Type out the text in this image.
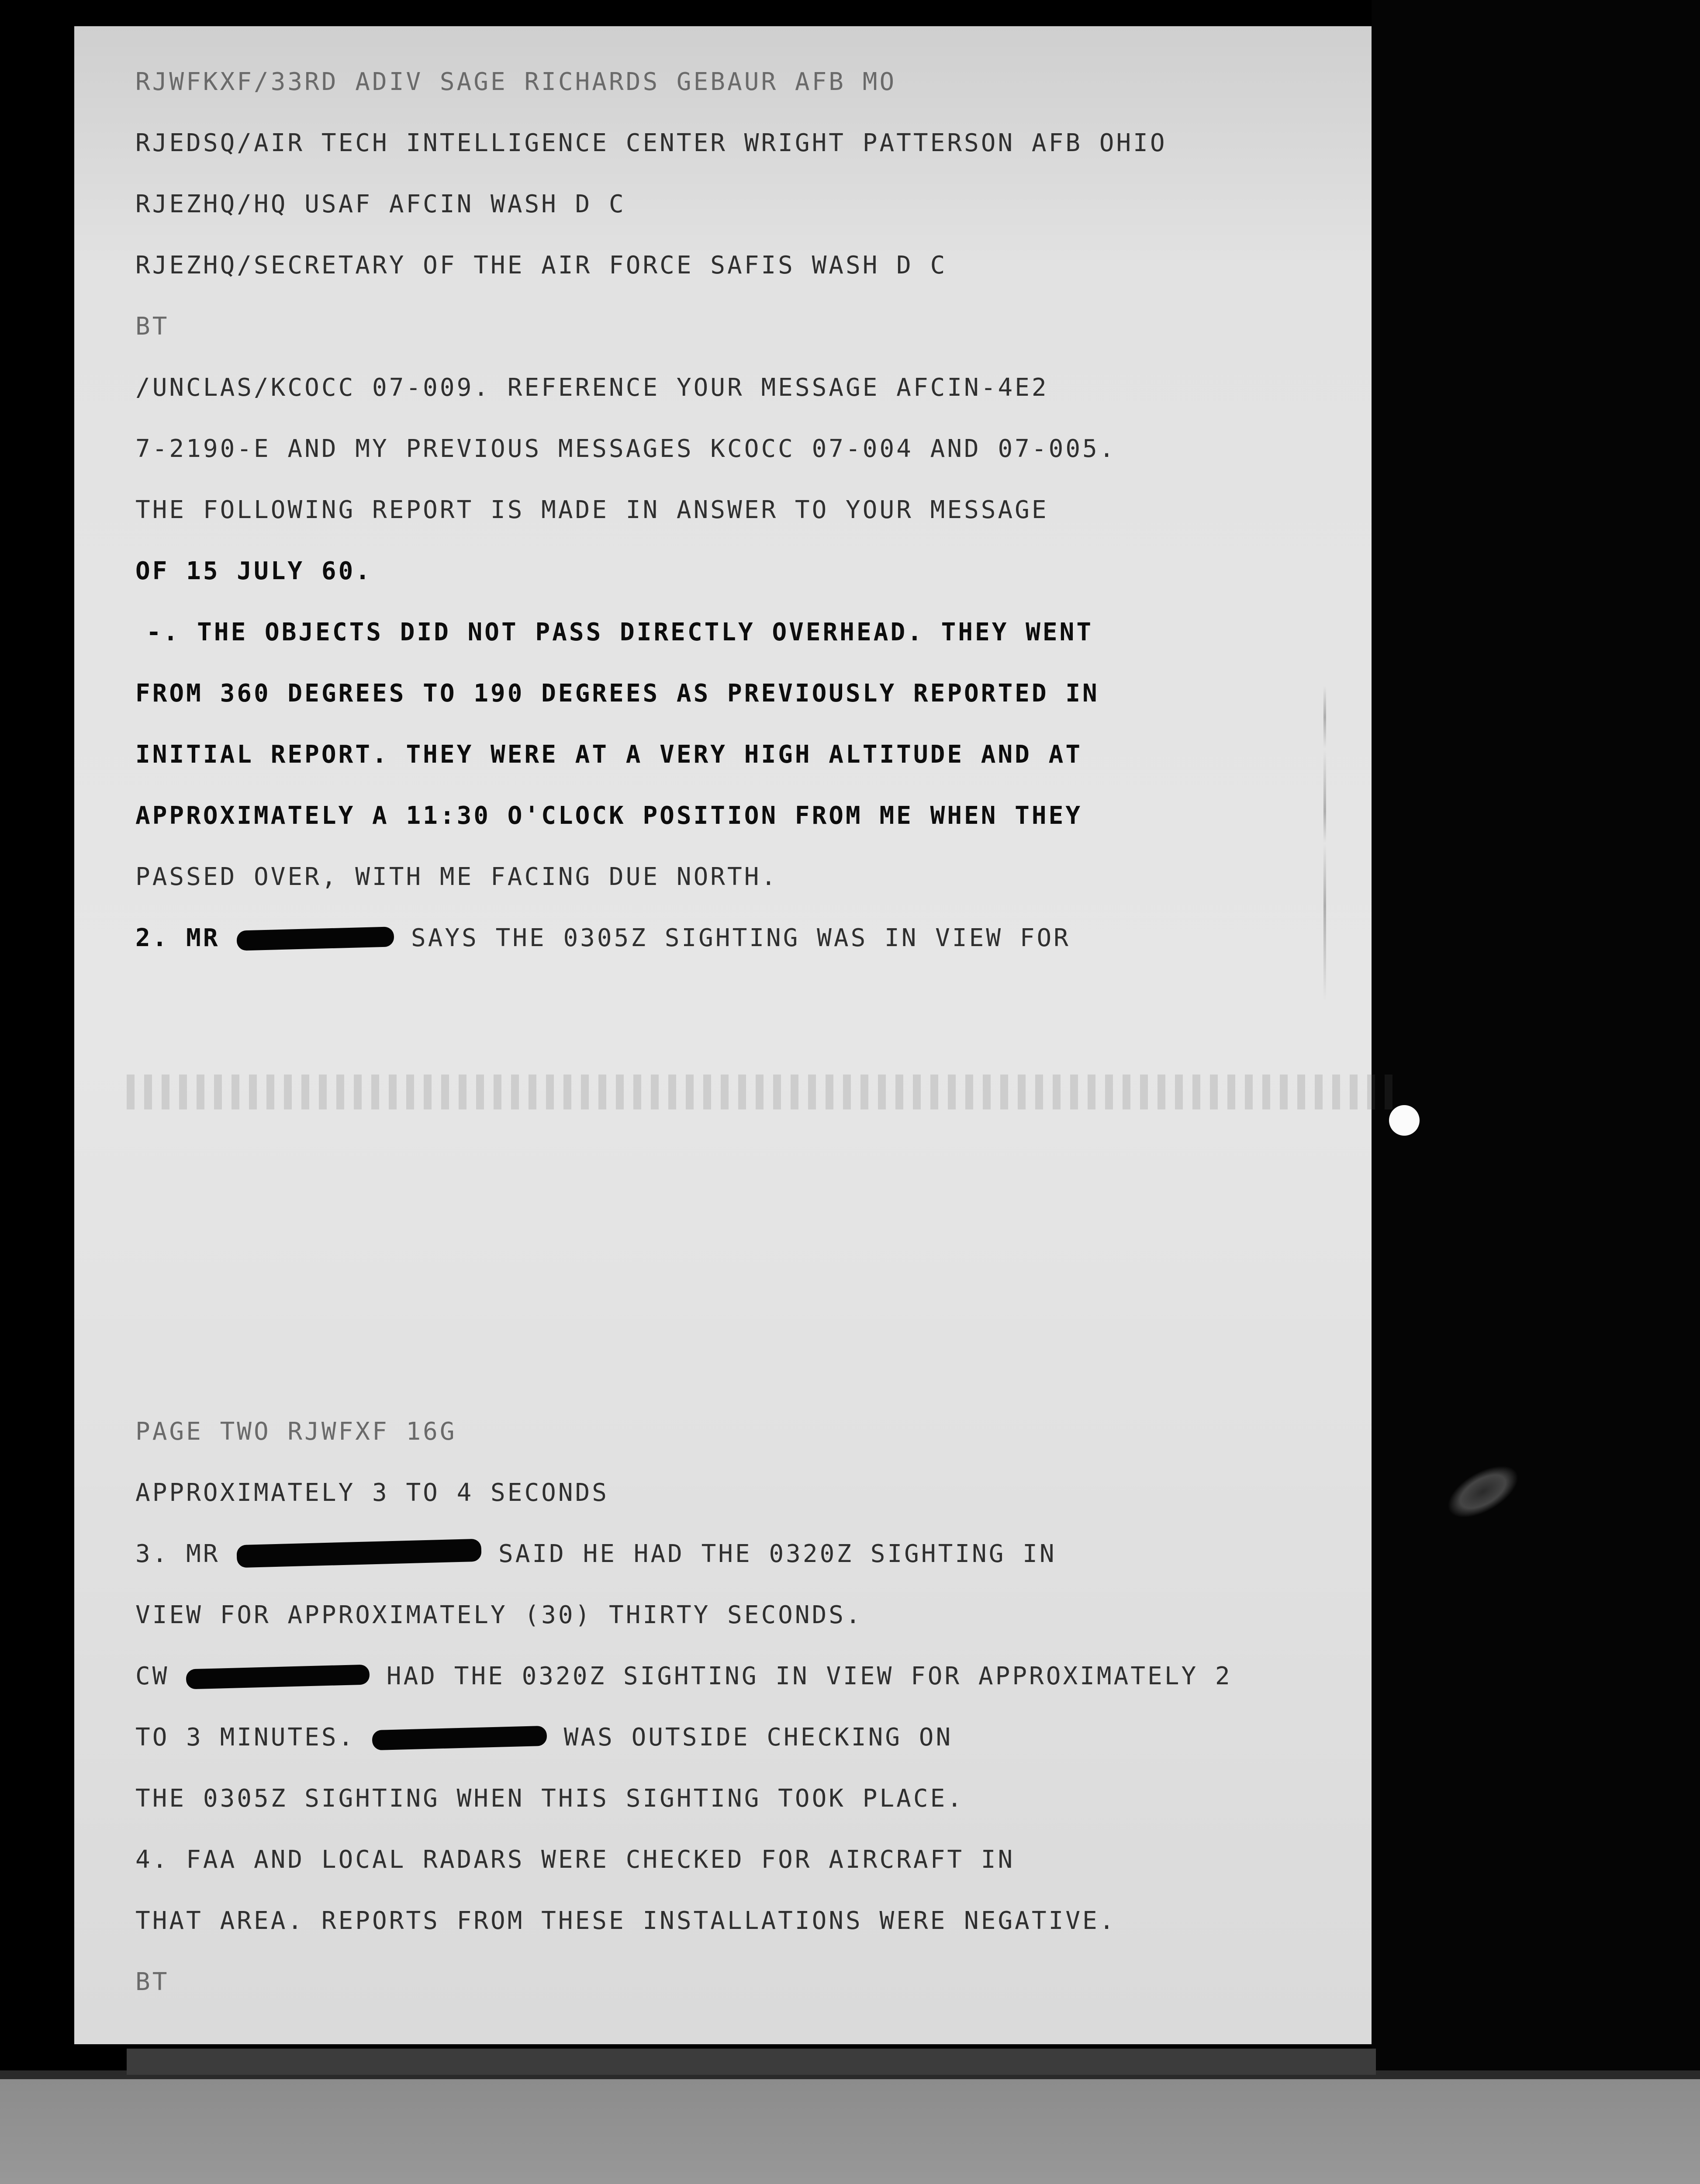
RJWFKXF/33RD ADIV SAGE RICHARDS GEBAUR AFB MO
RJEDSQ/AIR TECH INTELLIGENCE CENTER WRIGHT PATTERSON AFB OHIO
RJEZHQ/HQ USAF AFCIN WASH D C
RJEZHQ/SECRETARY OF THE AIR FORCE SAFIS WASH D C
BT
/UNCLAS/KCOCC 07-009. REFERENCE YOUR MESSAGE AFCIN-4E2
7-2190-E AND MY PREVIOUS MESSAGES KCOCC 07-004 AND 07-005.
THE FOLLOWING REPORT IS MADE IN ANSWER TO YOUR MESSAGE
OF 15 JULY 60.
-. THE OBJECTS DID NOT PASS DIRECTLY OVERHEAD. THEY WENT
FROM 360 DEGREES TO 190 DEGREES AS PREVIOUSLY REPORTED IN
INITIAL REPORT. THEY WERE AT A VERY HIGH ALTITUDE AND AT
APPROXIMATELY A 11:30 O'CLOCK POSITION FROM ME WHEN THEY
PASSED OVER, WITH ME FACING DUE NORTH.
2. MR	SAYS THE 0305Z SIGHTING WAS IN VIEW FOR
PAGE TWO RJWFXF 16G
APPROXIMATELY 3 TO 4 SECONDS
3. MR	SAID HE HAD THE 0320Z SIGHTING IN
VIEW FOR APPROXIMATELY (30) THIRTY SECONDS.
CW	HAD THE 0320Z SIGHTING IN VIEW FOR APPROXIMATELY 2
TO 3 MINUTES.	WAS OUTSIDE CHECKING ON
THE 0305Z SIGHTING WHEN THIS SIGHTING TOOK PLACE.
4. FAA AND LOCAL RADARS WERE CHECKED FOR AIRCRAFT IN
THAT AREA. REPORTS FROM THESE INSTALLATIONS WERE NEGATIVE.
BT
